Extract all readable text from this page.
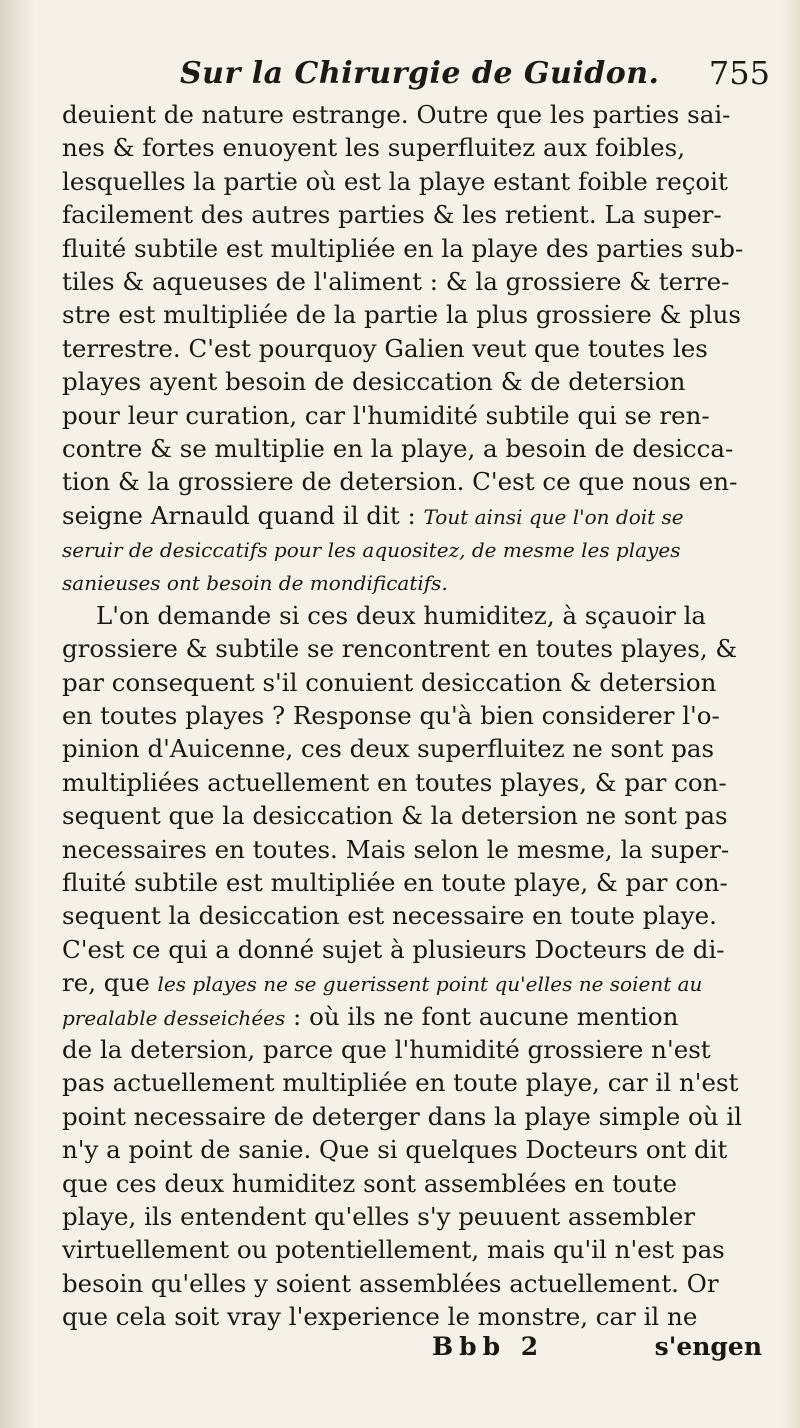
Sur la Chirurgie de Guidon. 755
deuient de nature estrange. Outre que les parties sai-
nes & fortes enuoyent les superfluitez aux foibles,
lesquelles la partie où est la playe estant foible reçoit
facilement des autres parties & les retient. La super-
fluité subtile est multipliée en la playe des parties sub-
tiles & aqueuses de l'aliment : & la grossiere & terre-
stre est multipliée de la partie la plus grossiere & plus
terrestre. C'est pourquoy Galien veut que toutes les
playes ayent besoin de desiccation & de detersion
pour leur curation, car l'humidité subtile qui se ren-
contre & se multiplie en la playe, a besoin de desicca-
tion & la grossiere de detersion. C'est ce que nous en-
seigne Arnauld quand il dit : Tout ainsi que l'on doit se
seruir de desiccatifs pour les aquositez, de mesme les playes
sanieuses ont besoin de mondificatifs.
L'on demande si ces deux humiditez, à sçauoir la
grossiere & subtile se rencontrent en toutes playes, &
par consequent s'il conuient desiccation & detersion
en toutes playes ? Response qu'à bien considerer l'o-
pinion d'Auicenne, ces deux superfluitez ne sont pas
multipliées actuellement en toutes playes, & par con-
sequent que la desiccation & la detersion ne sont pas
necessaires en toutes. Mais selon le mesme, la super-
fluité subtile est multipliée en toute playe, & par con-
sequent la desiccation est necessaire en toute playe.
C'est ce qui a donné sujet à plusieurs Docteurs de di-
re, que les playes ne se guerissent point qu'elles ne soient au
prealable desseichées : où ils ne font aucune mention
de la detersion, parce que l'humidité grossiere n'est
pas actuellement multipliée en toute playe, car il n'est
point necessaire de deterger dans la playe simple où il
n'y a point de sanie. Que si quelques Docteurs ont dit
que ces deux humiditez sont assemblées en toute
playe, ils entendent qu'elles s'y peuuent assembler
virtuellement ou potentiellement, mais qu'il n'est pas
besoin qu'elles y soient assemblées actuellement. Or
que cela soit vray l'experience le monstre, car il ne
Bbb 2	s'engen
